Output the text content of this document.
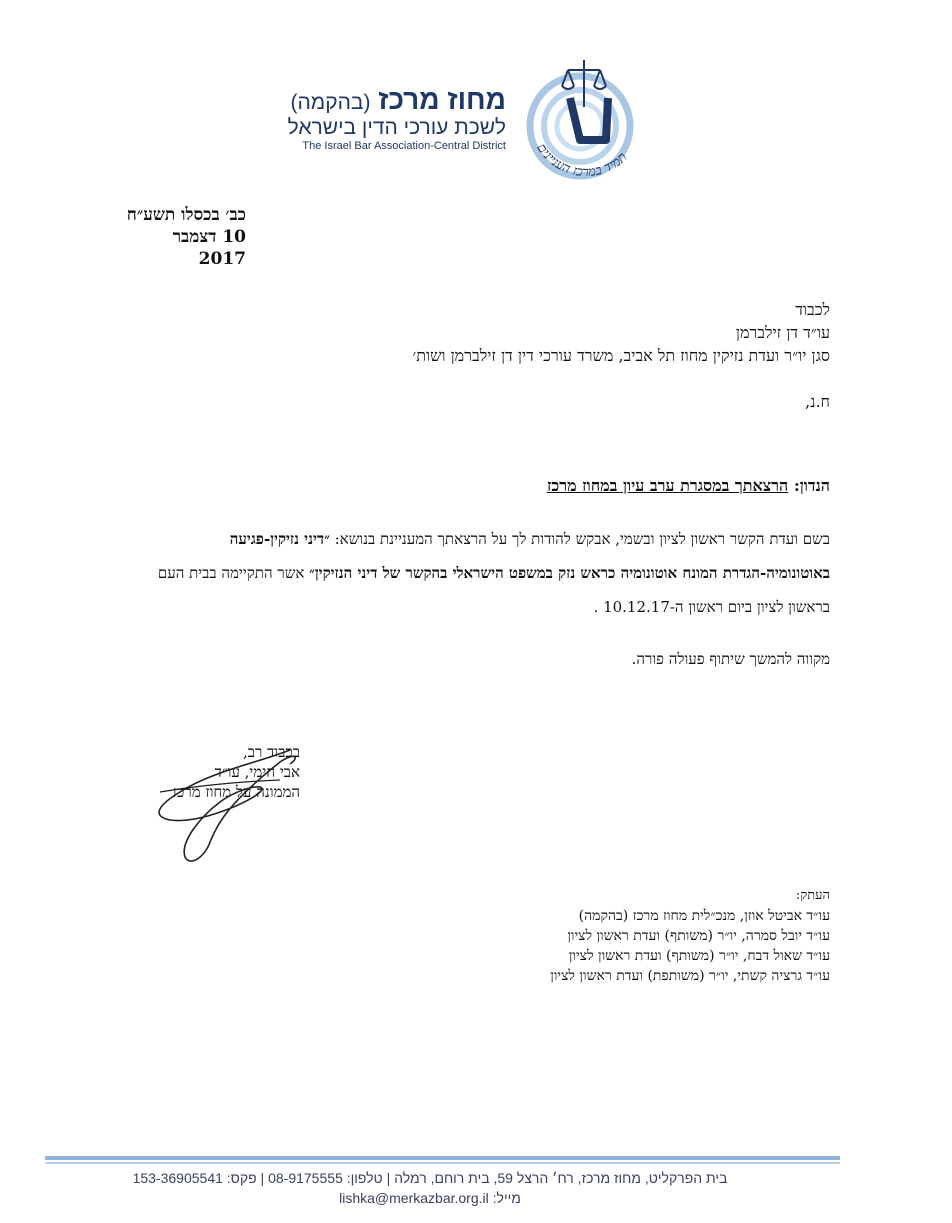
מחוז מרכז (בהקמה)
לשכת עורכי הדין בישראל
The Israel Bar Association-Central District תמיד במרכז העניינים
כב׳ בכסלו תשע״ח
10 דצמבר 2017
לכבוד
עו״ד דן זילברמן
סגן יו״ר ועדת נזיקין מחוז תל אביב, משרד עורכי דין דן זילברמן ושות׳
ח.נ,
הנדון: הרצאתך במסגרת ערב עיון במחוז מרכז
בשם ועדת הקשר ראשון לציון ובשמי, אבקש להודות לך על הרצאתך המעניינת בנושא: ״דיני נזיקין-פגיעה באוטונומיה-הגדרת המונח אוטונומיה כראש נזק במשפט הישראלי בהקשר של דיני הנזיקין״ אשר התקיימה בבית העם בראשון לציון ביום ראשון ה-10.12.17 .
מקווה להמשך שיתוף פעולה פורה.
בכבוד רב,
אבי חימי, עו״ד
הממונה על מחוז מרכז
העתק:
עו״ד אביטל אוזן, מנכ״לית מחוז מרכז (בהקמה)
עו״ד יובל סמרה, יו״ר (משותף) ועדת ראשון לציון
עו״ד שאול דבח, יו״ר (משותף) ועדת ראשון לציון
עו״ד גרציה קשתי, יו״ר (משותפת) ועדת ראשון לציון
בית הפרקליט, מחוז מרכז, רח׳ הרצל 59, בית רוחם, רמלה | טלפון: 08-9175555 | פקס: 153-36905541
מייל: lishka@merkazbar.org.il
